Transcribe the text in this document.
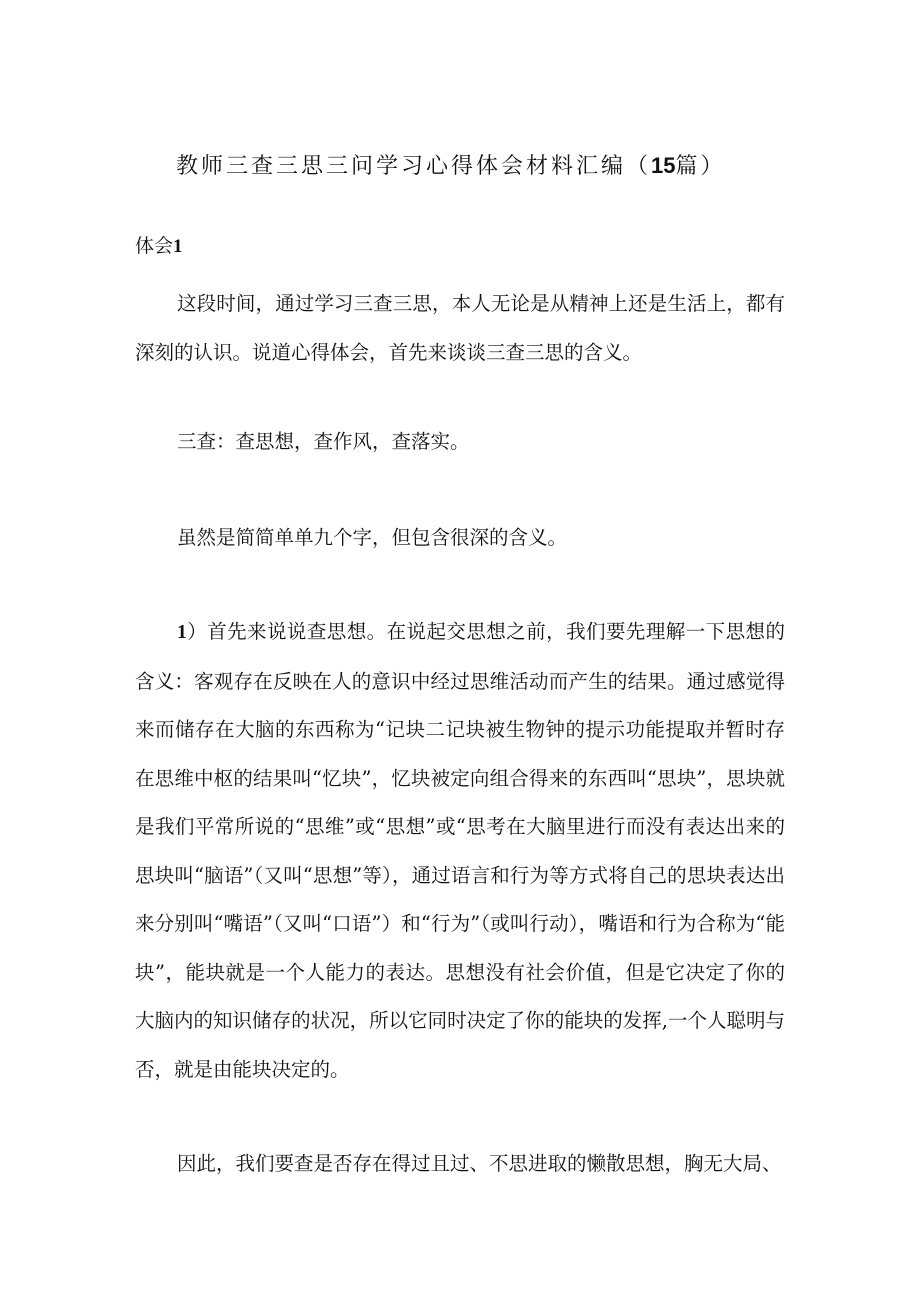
教师三查三思三问学习心得体会材料汇编（15篇）
体会1

这段时间，通过学习三查三思，本人无论是从精神上还是生活上，都有深刻的认识。说道心得体会，首先来谈谈三查三思的含义。

三查：查思想，查作风，查落实。

虽然是简简单单九个字，但包含很深的含义。

1）首先来说说查思想。在说起交思想之前，我们要先理解一下思想的含义：客观存在反映在人的意识中经过思维活动而产生的结果。通过感觉得来而储存在大脑的东西称为“记块二记块被生物钟的提示功能提取并暂时存在思维中枢的结果叫“忆块”，忆块被定向组合得来的东西叫“思块”，思块就是我们平常所说的“思维”或“思想”或“思考在大脑里进行而没有表达出来的思块叫“脑语”（又叫“思想”等），通过语言和行为等方式将自己的思块表达出来分别叫“嘴语”（又叫“口语”）和“行为”（或叫行动），嘴语和行为合称为“能块”，能块就是一个人能力的表达。思想没有社会价值，但是它决定了你的大脑内的知识储存的状况，所以它同时决定了你的能块的发挥,一个人聪明与否，就是由能块决定的。

因此，我们要查是否存在得过且过、不思进取的懒散思想，胸无大局、
